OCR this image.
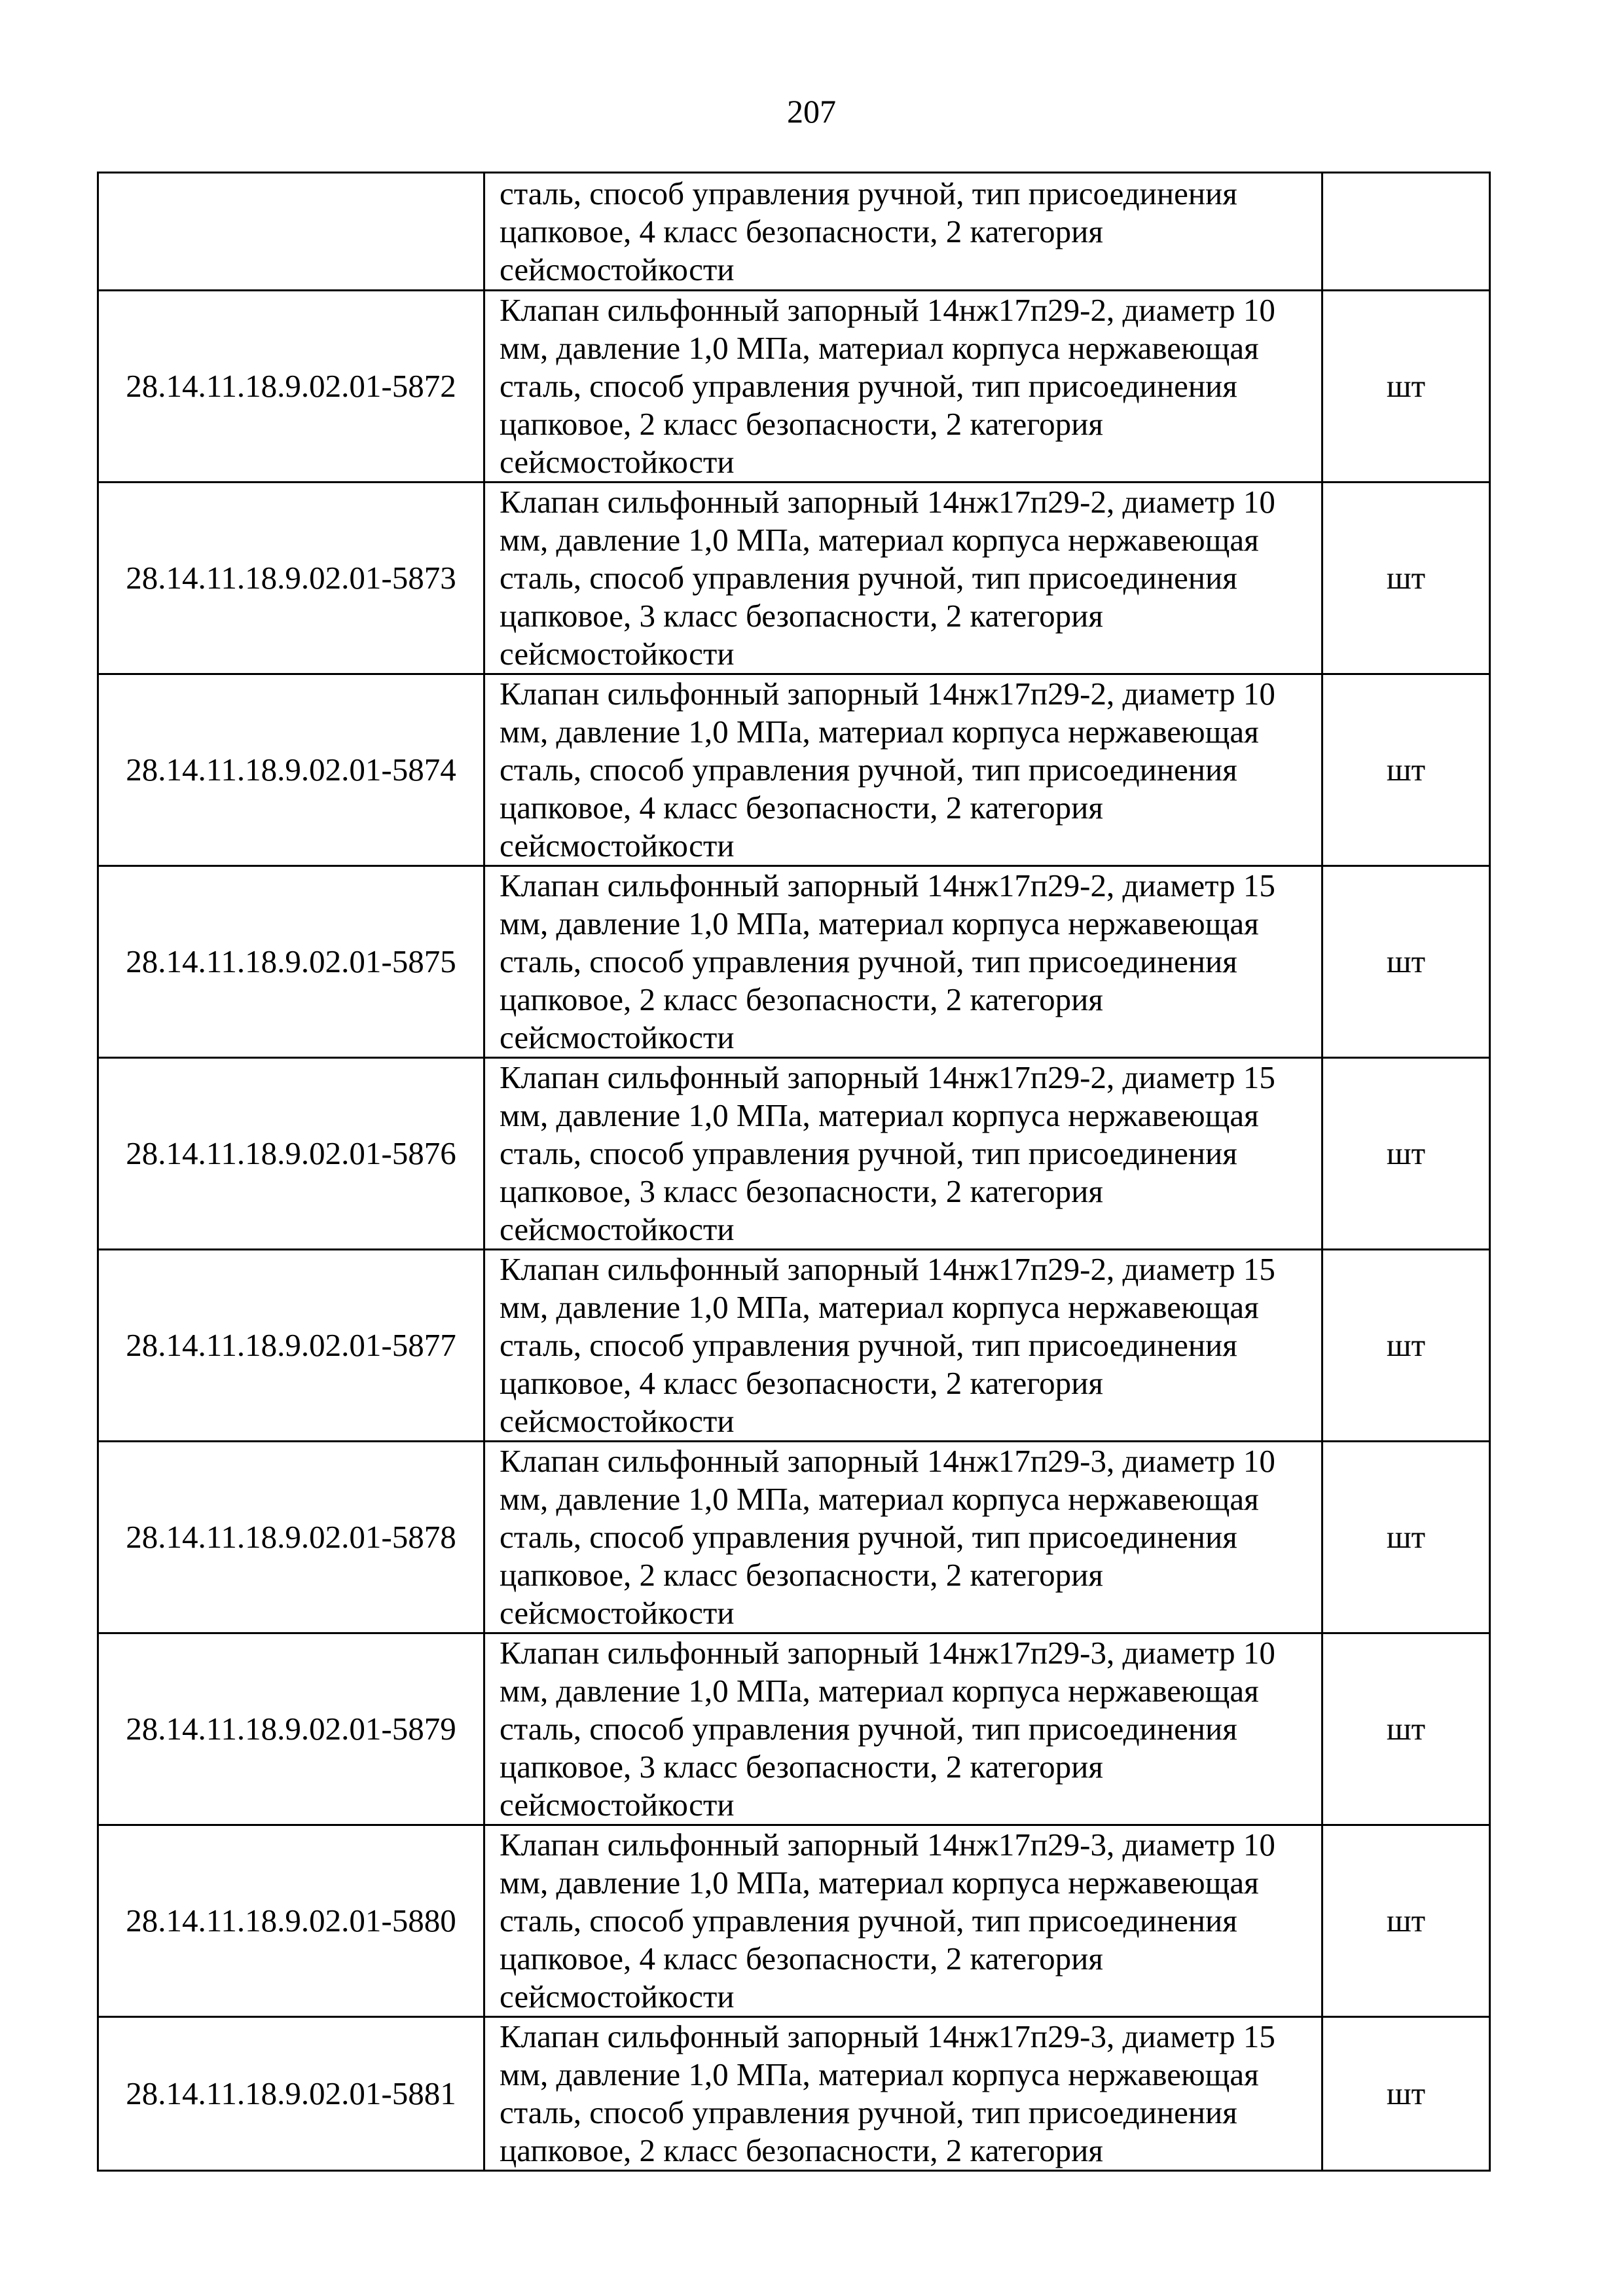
207

	сталь, способ управления ручной, тип присоединения
цапковое, 4 класс безопасности, 2 категория
сейсмостойкости	

28.14.11.18.9.02.01-5872	Клапан сильфонный запорный 14нж17п29-2, диаметр 10
мм, давление 1,0 МПа, материал корпуса нержавеющая
сталь, способ управления ручной, тип присоединения
цапковое, 2 класс безопасности, 2 категория
сейсмостойкости	шт
28.14.11.18.9.02.01-5873	Клапан сильфонный запорный 14нж17п29-2, диаметр 10
мм, давление 1,0 МПа, материал корпуса нержавеющая
сталь, способ управления ручной, тип присоединения
цапковое, 3 класс безопасности, 2 категория
сейсмостойкости	шт
28.14.11.18.9.02.01-5874	Клапан сильфонный запорный 14нж17п29-2, диаметр 10
мм, давление 1,0 МПа, материал корпуса нержавеющая
сталь, способ управления ручной, тип присоединения
цапковое, 4 класс безопасности, 2 категория
сейсмостойкости	шт
28.14.11.18.9.02.01-5875	Клапан сильфонный запорный 14нж17п29-2, диаметр 15
мм, давление 1,0 МПа, материал корпуса нержавеющая
сталь, способ управления ручной, тип присоединения
цапковое, 2 класс безопасности, 2 категория
сейсмостойкости	шт
28.14.11.18.9.02.01-5876	Клапан сильфонный запорный 14нж17п29-2, диаметр 15
мм, давление 1,0 МПа, материал корпуса нержавеющая
сталь, способ управления ручной, тип присоединения
цапковое, 3 класс безопасности, 2 категория
сейсмостойкости	шт
28.14.11.18.9.02.01-5877	Клапан сильфонный запорный 14нж17п29-2, диаметр 15
мм, давление 1,0 МПа, материал корпуса нержавеющая
сталь, способ управления ручной, тип присоединения
цапковое, 4 класс безопасности, 2 категория
сейсмостойкости	шт
28.14.11.18.9.02.01-5878	Клапан сильфонный запорный 14нж17п29-3, диаметр 10
мм, давление 1,0 МПа, материал корпуса нержавеющая
сталь, способ управления ручной, тип присоединения
цапковое, 2 класс безопасности, 2 категория
сейсмостойкости	шт
28.14.11.18.9.02.01-5879	Клапан сильфонный запорный 14нж17п29-3, диаметр 10
мм, давление 1,0 МПа, материал корпуса нержавеющая
сталь, способ управления ручной, тип присоединения
цапковое, 3 класс безопасности, 2 категория
сейсмостойкости	шт
28.14.11.18.9.02.01-5880	Клапан сильфонный запорный 14нж17п29-3, диаметр 10
мм, давление 1,0 МПа, материал корпуса нержавеющая
сталь, способ управления ручной, тип присоединения
цапковое, 4 класс безопасности, 2 категория
сейсмостойкости	шт
28.14.11.18.9.02.01-5881	Клапан сильфонный запорный 14нж17п29-3, диаметр 15
мм, давление 1,0 МПа, материал корпуса нержавеющая
сталь, способ управления ручной, тип присоединения
цапковое, 2 класс безопасности, 2 категория	шт
